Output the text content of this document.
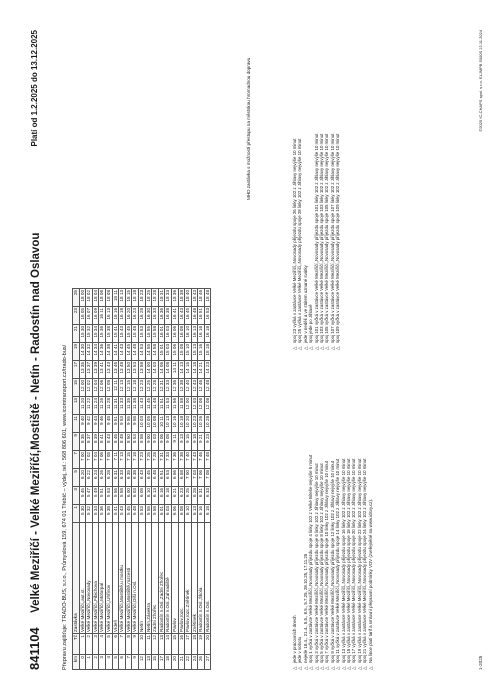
841104 Velké Meziříčí - Velké Meziříčí,Mostiště - Netín - Radostín nad Oslavou
Platí od 1.2.2025 do 13.12.2025
Přepravu zajišťuje: TRADO-BUS, s.r.o., Průmyslová 159, 674 01 Třebíč – výdej, tel.: 568 806 601, www.icomtransport.cz/trado-bus/ km	Tč	Zastávka	1	3	5	7	9	11	13	15	17	19	21	23	25
0	1	Velké Meziříčí,,aut.st.	5 30	5 45	6 20	7 00	8 35	9 40	11 20	12 00	13 35	14 30	15 30	16 05	18 00
1	2	Velké Meziříčí,,Novosady	5 32	5 47	6 22	7 02	8 37	9 42	11 22	12 02	13 37	14 32	15 32	16 07	18 02
2	3	Velké Meziříčí,,Fibichova	5 34	5 49	6 24	7 04	8 39	9 44	11 24	12 04	13 39	14 34	15 34	16 09	18 04
3	4	Velké Meziříčí,,Motorpal	5 36	5 51	6 26	7 06	8 41	9 46	11 26	12 06	13 41	14 36	15 36	16 11	18 06
4	5	Velké Meziříčí,,Uhřínov	5 38	5 53	6 28	7 08	8 43	9 48	11 28	12 08	13 43	14 38	15 38	16 13	18 08
5	6	Vídeň	5 41	5 56	6 31	7 11	8 46	9 51	11 31	12 11	13 46	14 41	15 41	16 16	18 11
6	7	Velké Meziříčí,Mostiště,u mostku	5 43	5 58	6 33	7 13	8 48	9 53	11 33	12 13	13 48	14 43	15 43	16 18	18 13
7	8	Velké Meziříčí,Mostiště,rozcestí	5 45	6 00	6 35	7 15	8 50	9 55	11 35	12 15	13 50	14 45	15 45	16 20	18 15
9	9	Velké Meziříčí,Olší n.Osl.	5 48	6 03	6 38	7 18	8 53	9 58	11 38	12 18	13 53	14 48	15 48	16 23	18 18
12	10	Netín	5 53	6 08	6 43	7 23	8 58	10 03	11 43	12 23	13 58	14 53	15 53	16 28	18 23
13	11	Netín,Zásekra	5 55	6 10	6 45	7 25	9 00	10 05	11 45	12 25	14 00	14 55	15 55	16 30	18 25
15	12	Zadní Zhořec	5 58	6 13	6 48	7 28	9 03	10 08	11 48	12 28	14 03	14 58	15 58	16 33	18 28
17	13	Radostín n.Osl.,Zadní Zhořec	6 01	6 16	6 51	7 31	9 06	10 11	11 51	12 31	14 06	15 01	16 01	16 36	18 31
18	14	Radostín n.Osl.,Zahradiště	6 03	6 18	6 53	7 33	9 08	10 13	11 53	12 33	14 08	15 03	16 03	16 38	18 33
20	15	Pavlov	6 06	6 21	6 56	7 36	9 11	10 16	11 56	12 36	14 11	15 06	16 06	16 41	18 36
21	16	Pavlov,rozc.	6 08	6 23	6 58	7 38	9 13	10 18	11 58	12 38	14 13	15 08	16 08	16 43	18 38
22	17	Pavlov,rozc.Znětínek	6 10	6 25	7 00	7 40	9 15	10 20	12 00	12 40	14 15	15 10	16 10	16 45	18 40
24	18	Znětínek	6 13	6 28	7 03	7 43	9 18	10 23	12 03	12 43	14 18	15 13	16 13	16 48	18 43
26	19	Radostín n.Osl.,Škola	6 16	6 31	7 06	7 46	9 21	10 26	12 06	12 46	14 21	15 16	16 16	16 51	18 46
27	20	Radostín n.Osl.	6 18	6 33	7 08	7 48	9 23	10 28	12 08	12 48	14 23	15 18	16 18	16 53	18 48
MHD zastávka s možností přestupu na městskou hromadnou dopravu
△jede v pracovních dnech
△jede v sobotu
△nejede 18.4., 21.4., 5.5., 8.5., 5.7.25, 28.10.25, 17.11.25
△spoj 1 vyčká v zastávce Velké Meziříčí,,Novosady příjezdu spoje 4 linky 102 z Velké Bíteše nejvýše 5 minut
△spoj 3 vyčká v zastávce Velké Meziříčí,,Novosady příjezdu spoje 6 linky 102 z Jihlavy nejvýše 10 minut
△spoj 5 vyčká v zastávce Velké Meziříčí,,Novosady příjezdu spoje 8 linky 102 z Jihlavy nejvýše 10 minut
△spoj 7 vyčká v zastávce Velké Meziříčí,,Novosady příjezdu spoje 10 linky 102 z Jihlavy nejvýše 10 minut
△spoj 9 vyčká v zastávce Velké Meziříčí,,Novosady příjezdu spoje 12 linky 102 z Jihlavy nejvýše 10 minut
△spoj 11 vyčká v zastávce Velké Meziříčí,,Novosady příjezdu spoje 14 linky 102 z Jihlavy nejvýše 10 minut
△spoj 13 vyčká v zastávce Velké Meziříčí,,Novosady příjezdu spoje 16 linky 102 z Jihlavy nejvýše 10 minut
△spoj 15 vyčká v zastávce Velké Meziříčí,,Novosady příjezdu spoje 18 linky 102 z Jihlavy nejvýše 10 minut
△spoj 17 vyčká v zastávce Velké Meziříčí,,Novosady příjezdu spoje 20 linky 102 z Jihlavy nejvýše 10 minut
△spoj 19 vyčká v zastávce Velké Meziříčí,,Novosady příjezdu spoje 22 linky 102 z Jihlavy nejvýše 10 minut
△spoj 21 vyčká v zastávce Velké Meziříčí,,Novosady příjezdu spoje 24 linky 102 z Jihlavy nejvýše 10 minut
△Na lince platí tarif a smluvní přepravní podmínky VDV (zveřejněné na www.idsvy.cz).
△spoj 23 vyčká v zastávce Velké Meziříčí,,Novosady příjezdu spoje 26 linky 102 z Jihlavy nejvýše 10 minut
△spoj 25 vyčká v zastávce Velké Meziříčí,,Novosady příjezdu spoje 28 linky 102 z Jihlavy nejvýše 10 minut
△jede v neděli a ve státem uznané svátky
△spoj jede po Jihlavě
△spoj 101 vyčká v zastávce Velké Meziříčí,,Novosady příjezdu spoje 101 linky 102 z Jihlavy nejvýše 10 minut
△spoj 103 vyčká v zastávce Velké Meziříčí,,Novosady příjezdu spoje 103 linky 102 z Jihlavy nejvýše 10 minut
△spoj 105 vyčká v zastávce Velké Meziříčí,,Novosady příjezdu spoje 105 linky 102 z Jihlavy nejvýše 10 minut
△spoj 107 vyčká v zastávce Velké Meziříčí,,Novosady příjezdu spoje 107 linky 102 z Jihlavy nejvýše 10 minut
△spoj 109 vyčká v zastávce Velké Meziříčí,,Novosady příjezdu spoje 109 linky 102 z Jihlavy nejvýše 10 minut
1-2025
©2025 IC-CHAPS spol. s r.o. ELJMPB 5000S 22.11.2024
